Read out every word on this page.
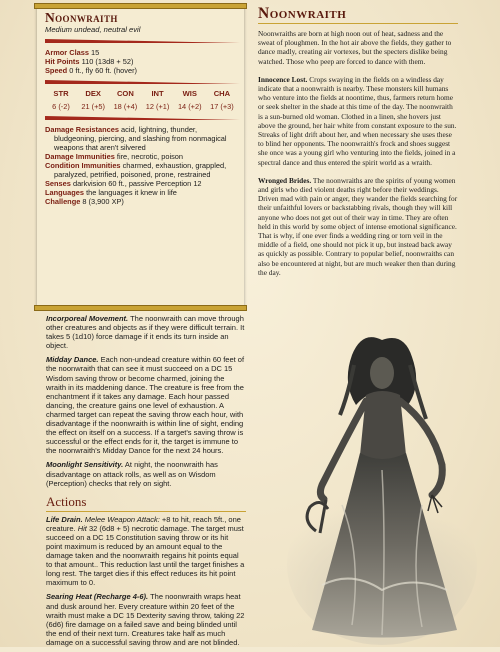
Noonwraith
Medium undead, neutral evil
Armor Class 15
Hit Points 110 (13d8 + 52)
Speed 0 ft., fly 60 ft. (hover)
STR
6 (-2)
DEX
21 (+5)
CON
18 (+4)
INT
12 (+1)
WIS
14 (+2)
CHA
17 (+3)
Damage Resistances acid, lightning, thunder, bludgeoning, piercing, and slashing from nonmagical weapons that aren't silvered
Damage Immunities fire, necrotic, poison
Condition Immunities charmed, exhaustion, grappled, paralyzed, petrified, poisoned, prone, restrained
Senses darkvision 60 ft., passive Perception 12
Languages the languages it knew in life
Challenge 8 (3,900 XP)

Incorporeal Movement. The noonwraith can move through other creatures and objects as if they were difficult terrain. It takes 5 (1d10) force damage if it ends its turn inside an object.

Midday Dance. Each non-undead creature within 60 feet of the noonwraith that can see it must succeed on a DC 15 Wisdom saving throw or become charmed, joining the wraith in its maddening dance. The creature is free from the enchantment if it takes any damage. Each hour passed dancing, the creature gains one level of exhaustion. A charmed target can repeat the saving throw each hour, with disadvantage if the noonwraith is within line of sight, ending the effect on itself on a success. If a target's saving throw is successful or the effect ends for it, the target is immune to the noonwraith's Midday Dance for the next 24 hours.

Moonlight Sensitivity. At night, the noonwraith has disadvantage on attack rolls, as well as on Wisdom (Perception) checks that rely on sight.

Actions

Life Drain. Melee Weapon Attack: +8 to hit, reach 5ft., one creature. Hit 32 (6d8 + 5) necrotic damage. The target must succeed on a DC 15 Constitution saving throw or its hit point maximum is reduced by an amount equal to the damage taken and the noonwraith regains hit points equal to that amount.. This reduction last until the target finishes a long rest. The target dies if this effect reduces its hit point maximum to 0.

Searing Heat (Recharge 4-6). The noonwraith wraps heat and dusk around her. Every creature within 20 feet of the wraith must make a DC 15 Dexterity saving throw, taking 22 (6d6) fire damage on a failed save and being blinded until the end of their next turn. Creatures take half as much damage on a successful saving throw and are not blinded.

Noonwraith

Noonwraiths are born at high noon out of heat, sadness and the sweat of ploughmen. In the hot air above the fields, they gather to dance madly, creating air vortexes, but the specters dislike being watched. Those who peep are forced to dance with them.

Innocence Lost. Crops swaying in the fields on a windless day indicate that a noonwraith is nearby. These monsters kill humans who venture into the fields at noontime, thus, farmers return home or seek shelter in the shade at this time of the day. The noonwraith is a sun-burned old woman. Clothed in a linen, she hovers just above the ground, her hair white from constant exposure to the sun. Streaks of light drift about her, and when necessary she uses these to blind her opponents. The noonwraith's frock and shoes suggest she once was a young girl who venturing into the fields, joined in a spectral dance and thus entered the spirit world as a wraith.

Wronged Brides. The noonwraiths are the spirits of young women and girls who died violent deaths right before their weddings. Driven mad with pain or anger, they wander the fields searching for their unfaithful lovers or backstabbing rivals, though they will kill anyone who does not get out of their way in time. They are often held in this world by some object of intense emotional significance. That is why, if one ever finds a wedding ring or torn veil in the middle of a field, one should not pick it up, but instead back away as quickly as possible. Contrary to popular belief, noonwraiths can also be encountered at night, but are much weaker then than during the day.
